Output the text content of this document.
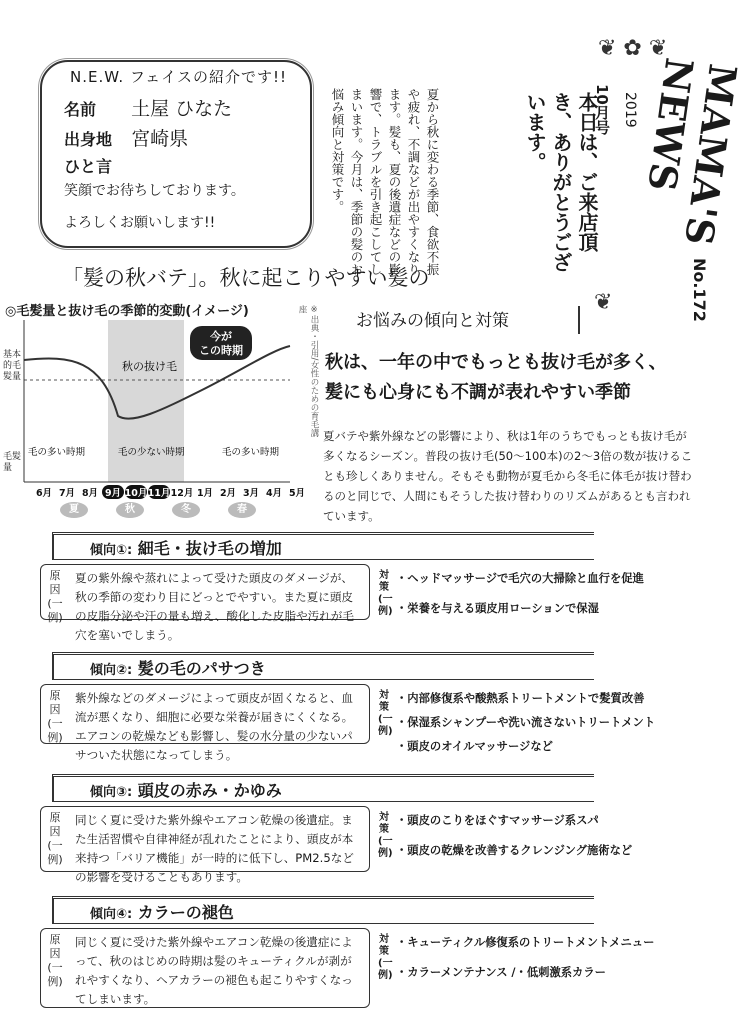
N.E.W. フェイスの紹介です!!
名前 土屋 ひなた
出身地 宮崎県
ひと言
笑顔でお待ちしております。
よろしくお願いします!!	本日は、ご来店頂き、ありがとうございます。
夏から秋に変わる季節、食欲不振や疲れ、不調などが出やすくなります。髪も、夏の後遺症などの影響で、トラブルを引き起こしてしまいます。今月は、季節の髪のお悩み傾向と対策です。
❦ ✿ ❦
10月号 2019	MAMA'S NEWS
No.172
❦
「髪の秋バテ」。秋に起こりやすい髪の
お悩みの傾向と対策
◎毛髪量と抜け毛の季節的変動(イメージ)	※出典・引用/女性のための育毛講座
基本的毛髪量
毛髪量
今が
この時期
秋の抜け毛
毛の多い時期	毛の少ない時期	毛の多い時期
6月 7月 8月 9月 10月 11月 12月 1月 2月 3月 4月 5月
夏	秋	冬	春
秋は、一年の中でもっとも抜け毛が多く、
髪にも心身にも不調が表れやすい季節
夏バテや紫外線などの影響により、秋は1年のうちでもっとも抜け毛が多くなるシーズン。普段の抜け毛(50〜100本)の2〜3倍の数が抜けることも珍しくありません。そもそも動物が夏毛から冬毛に体毛が抜け替わるのと同じで、人間にもそうした抜け替わりのリズムがあるとも言われています。
傾向①: 細毛・抜け毛の増加
原因(一例)
夏の紫外線や蒸れによって受けた頭皮のダメージが、秋の季節の変わり目にどっとでやすい。また夏に頭皮の皮脂分泌や汗の量も増え、酸化した皮脂や汚れが毛穴を塞いでしまう。
対策(一例)
・ヘッドマッサージで毛穴の大掃除と血行を促進
・栄養を与える頭皮用ローションで保湿
傾向②: 髪の毛のパサつき
原因(一例)
紫外線などのダメージによって頭皮が固くなると、血流が悪くなり、細胞に必要な栄養が届きにくくなる。エアコンの乾燥なども影響し、髪の水分量の少ないパサついた状態になってしまう。
対策(一例)
・内部修復系や酸熱系トリートメントで髪質改善
・保湿系シャンプーや洗い流さないトリートメント
・頭皮のオイルマッサージなど
傾向③: 頭皮の赤み・かゆみ
原因(一例)
同じく夏に受けた紫外線やエアコン乾燥の後遺症。また生活習慣や自律神経が乱れたことにより、頭皮が本来持つ「バリア機能」が一時的に低下し、PM2.5などの影響を受けることもあります。
対策(一例)
・頭皮のこりをほぐすマッサージ系スパ
・頭皮の乾燥を改善するクレンジング施術など
傾向④: カラーの褪色
原因(一例)
同じく夏に受けた紫外線やエアコン乾燥の後遺症によって、秋のはじめの時期は髪のキューティクルが剥がれやすくなり、ヘアカラーの褪色も起こりやすくなってしまいます。
対策(一例)
・キューティクル修復系のトリートメントメニュー
・カラーメンテナンス /・低刺激系カラー
